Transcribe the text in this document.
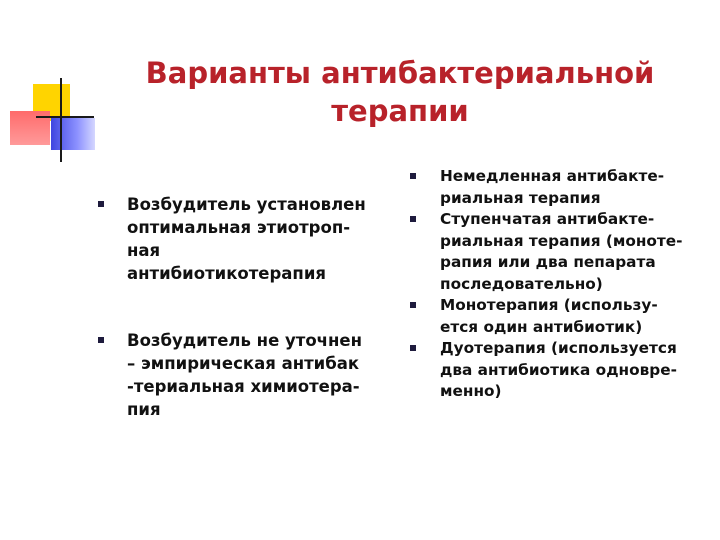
Варианты антибактериальной
терапии
Возбудитель установлен
оптимальная этиотроп-
ная
антибиотикотерапия
Возбудитель не уточнен
– эмпирическая антибак
-териальная химиотера-
пия
Немедленная антибакте-
риальная терапия
Ступенчатая антибакте-
риальная терапия (моноте-
рапия или два пепарата
последовательно)
Монотерапия (использу-
ется один антибиотик)
Дуотерапия (используется
два антибиотика одновре-
менно)
